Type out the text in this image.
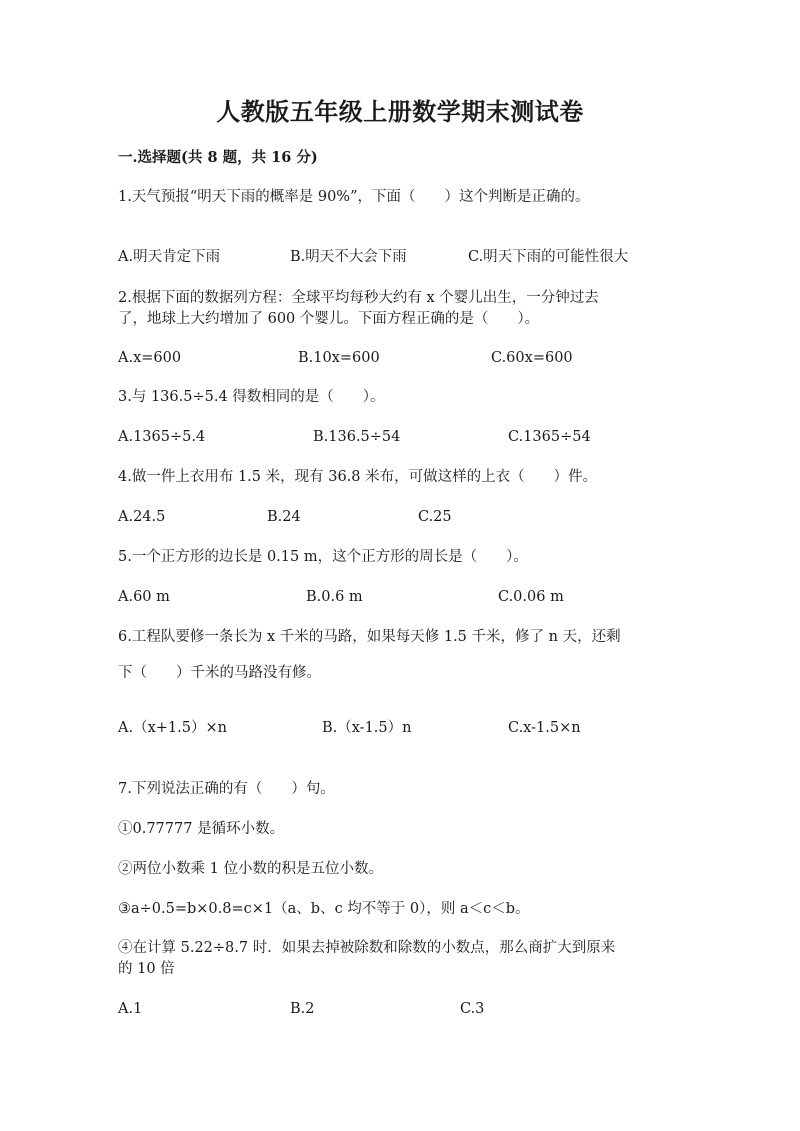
人教版五年级上册数学期末测试卷
一.选择题(共 8 题，共 16 分)
1.天气预报“明天下雨的概率是 90%”，下面（　　）这个判断是正确的。
A.明天肯定下雨	B.明天不大会下雨	C.明天下雨的可能性很大
2.根据下面的数据列方程：全球平均每秒大约有 x 个婴儿出生，一分钟过去
了，地球上大约增加了 600 个婴儿。下面方程正确的是（　　）。
A.x=600	B.10x=600	C.60x=600
3.与 136.5÷5.4 得数相同的是（　　）。
A.1365÷5.4	B.136.5÷54	C.1365÷54
4.做一件上衣用布 1.5 米，现有 36.8 米布，可做这样的上衣（　　）件。
A.24.5	B.24	C.25
5.一个正方形的边长是 0.15 m，这个正方形的周长是（　　）。
A.60 m	B.0.6 m	C.0.06 m
6.工程队要修一条长为 x 千米的马路，如果每天修 1.5 千米，修了 n 天，还剩
下（　　）千米的马路没有修。
A.（x+1.5）×n	B.（x-1.5）n	C.x-1.5×n
7.下列说法正确的有（　　）句。
①0.77777 是循环小数。
②两位小数乘 1 位小数的积是五位小数。
③a÷0.5=b×0.8=c×1（a、b、c 均不等于 0），则 a＜c＜b。
④在计算 5.22÷8.7 时．如果去掉被除数和除数的小数点，那么商扩大到原来
的 10 倍
A.1	B.2	C.3
